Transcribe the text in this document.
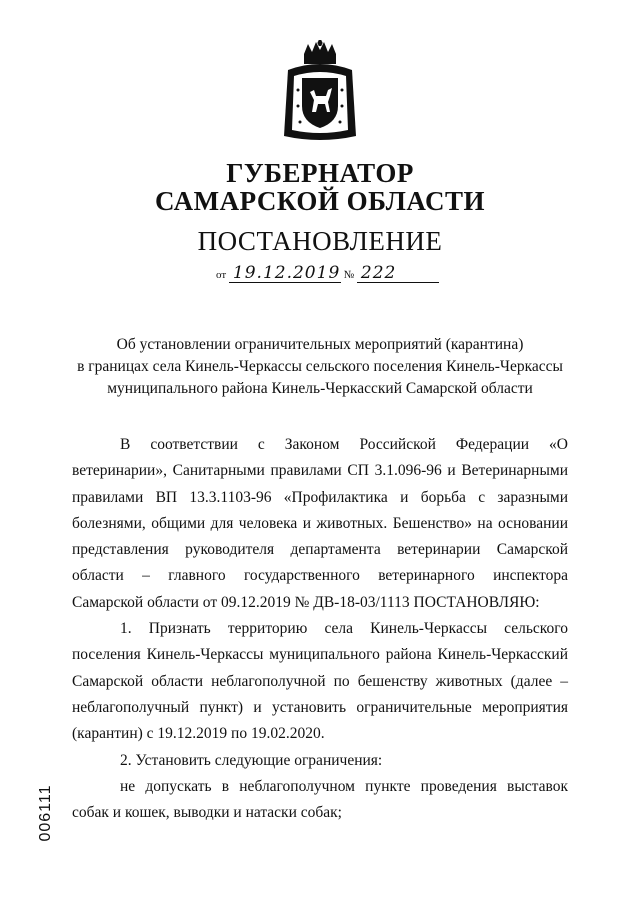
ГУБЕРНАТОР
САМАРСКОЙ ОБЛАСТИ
ПОСТАНОВЛЕНИЕ
от 19.12.2019 № 222
Об установлении ограничительных мероприятий (карантина)
в границах села Кинель-Черкассы сельского поселения Кинель-Черкассы
муниципального района Кинель-Черкасский Самарской области

В соответствии с Законом Российской Федерации «О ветеринарии», Санитарными правилами СП 3.1.096-96 и Ветеринарными правилами ВП 13.3.1103-96 «Профилактика и борьба с заразными болезнями, общими для человека и животных. Бешенство» на основании представления руководителя департамента ветеринарии Самарской области – главного государственного ветеринарного инспектора Самарской области от 09.12.2019 № ДВ-18-03/1113 ПОСТАНОВЛЯЮ:

1. Признать территорию села Кинель-Черкассы сельского поселения Кинель-Черкассы муниципального района Кинель-Черкасский Самарской области неблагополучной по бешенству животных (далее – неблагополучный пункт) и установить ограничительные мероприятия (карантин) с 19.12.2019 по 19.02.2020.

2. Установить следующие ограничения:

не допускать в неблагополучном пункте проведения выставок собак и кошек, выводки и натаски собак;

006111
